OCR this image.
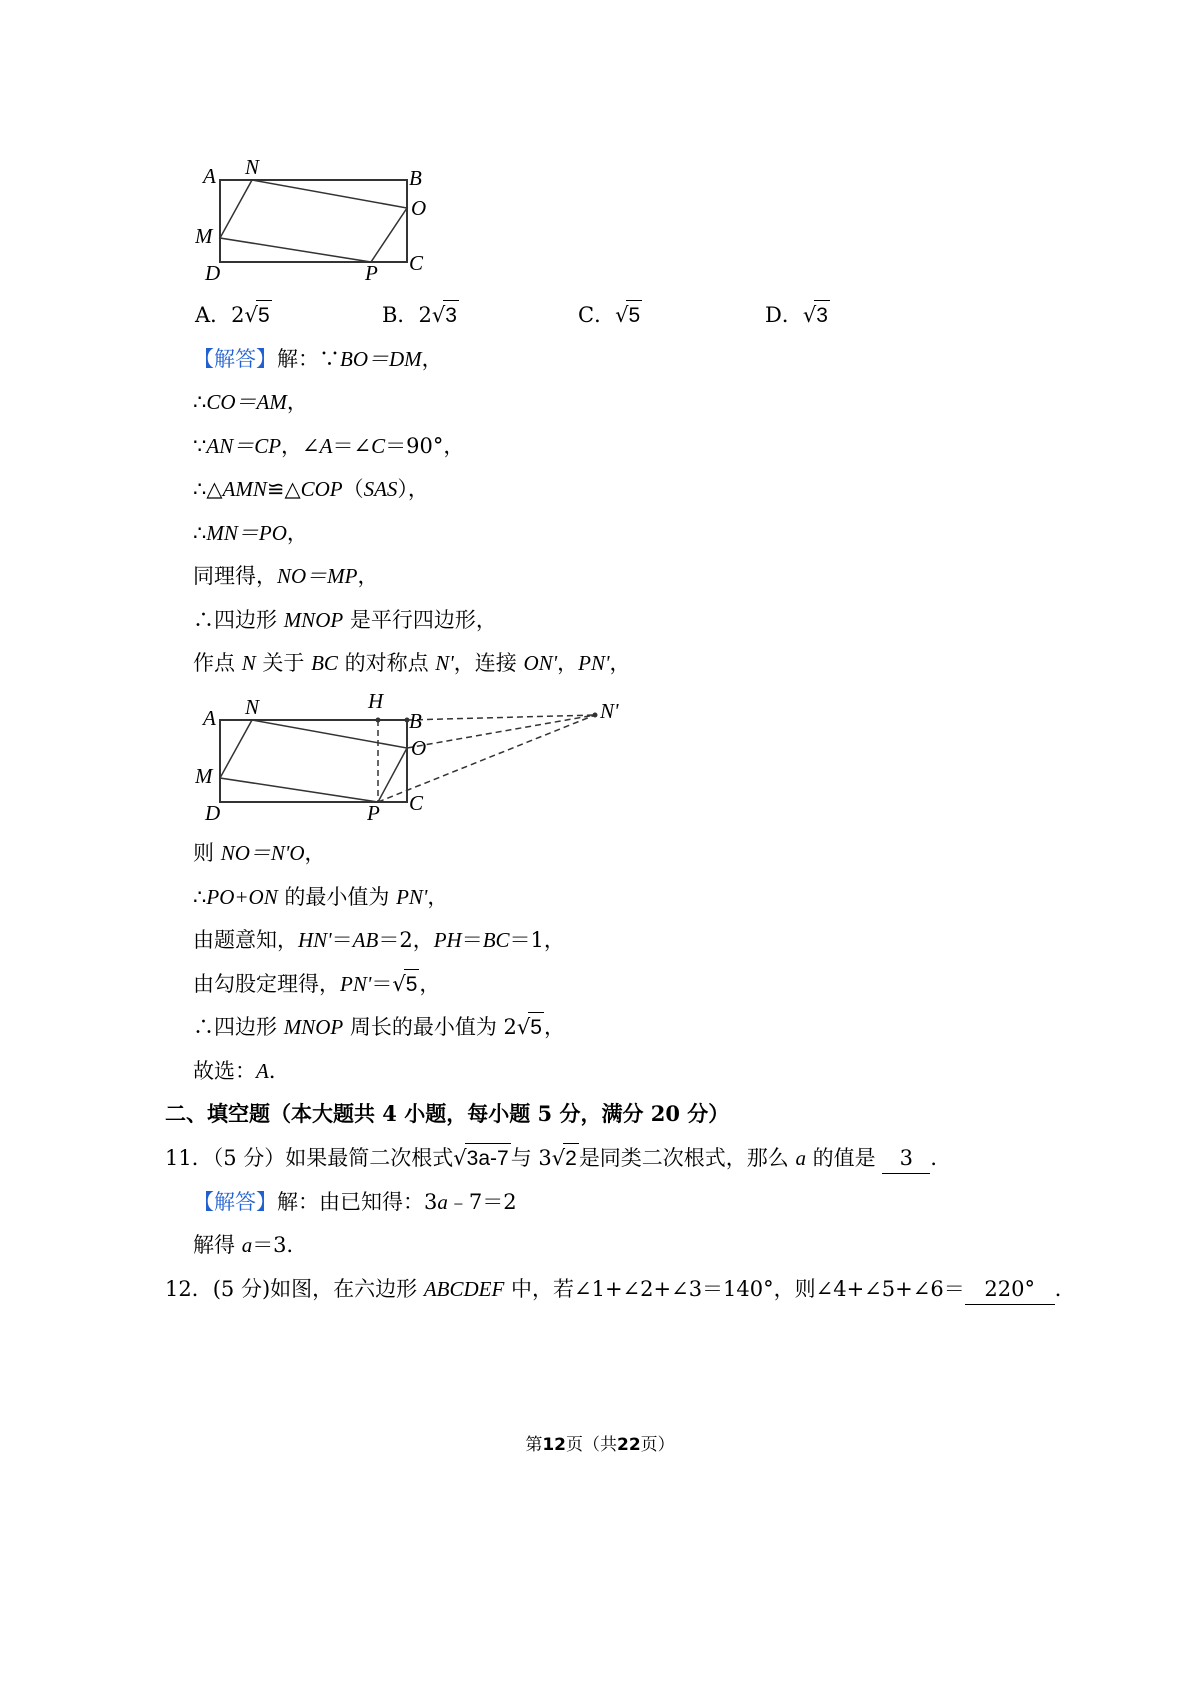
A N	B
O
M
D	P C
A．2√5	B．2√3	C．√5	D．√3
【解答】解：∵BO＝DM，
∴CO＝AM，
∵AN＝CP，∠A＝∠C＝90°，
∴△AMN≌△COP（SAS），
∴MN＝PO，
同理得，NO＝MP，
∴四边形 MNOP 是平行四边形，
作点 N 关于 BC 的对称点 N'，连接 ON'，PN'，
A N	H
B	N'
O
M
D	P C
则 NO＝N'O，
∴PO+ON 的最小值为 PN'，
由题意知，HN'＝AB＝2，PH＝BC＝1，
由勾股定理得，PN'＝√5，
∴四边形 MNOP 周长的最小值为 2√5，
故选：A．
二、填空题（本大题共 4 小题，每小题 5 分，满分 20 分）
11．（5 分）如果最简二次根式√3a-7与 3√2是同类二次根式，那么 a 的值是 3 ．
【解答】解：由已知得：3a﹣7＝2
解得 a＝3．
12．(5 分)如图，在六边形 ABCDEF 中，若∠1+∠2+∠3＝140°，则∠4+∠5+∠6＝ 220° ．
第12页（共22页）
